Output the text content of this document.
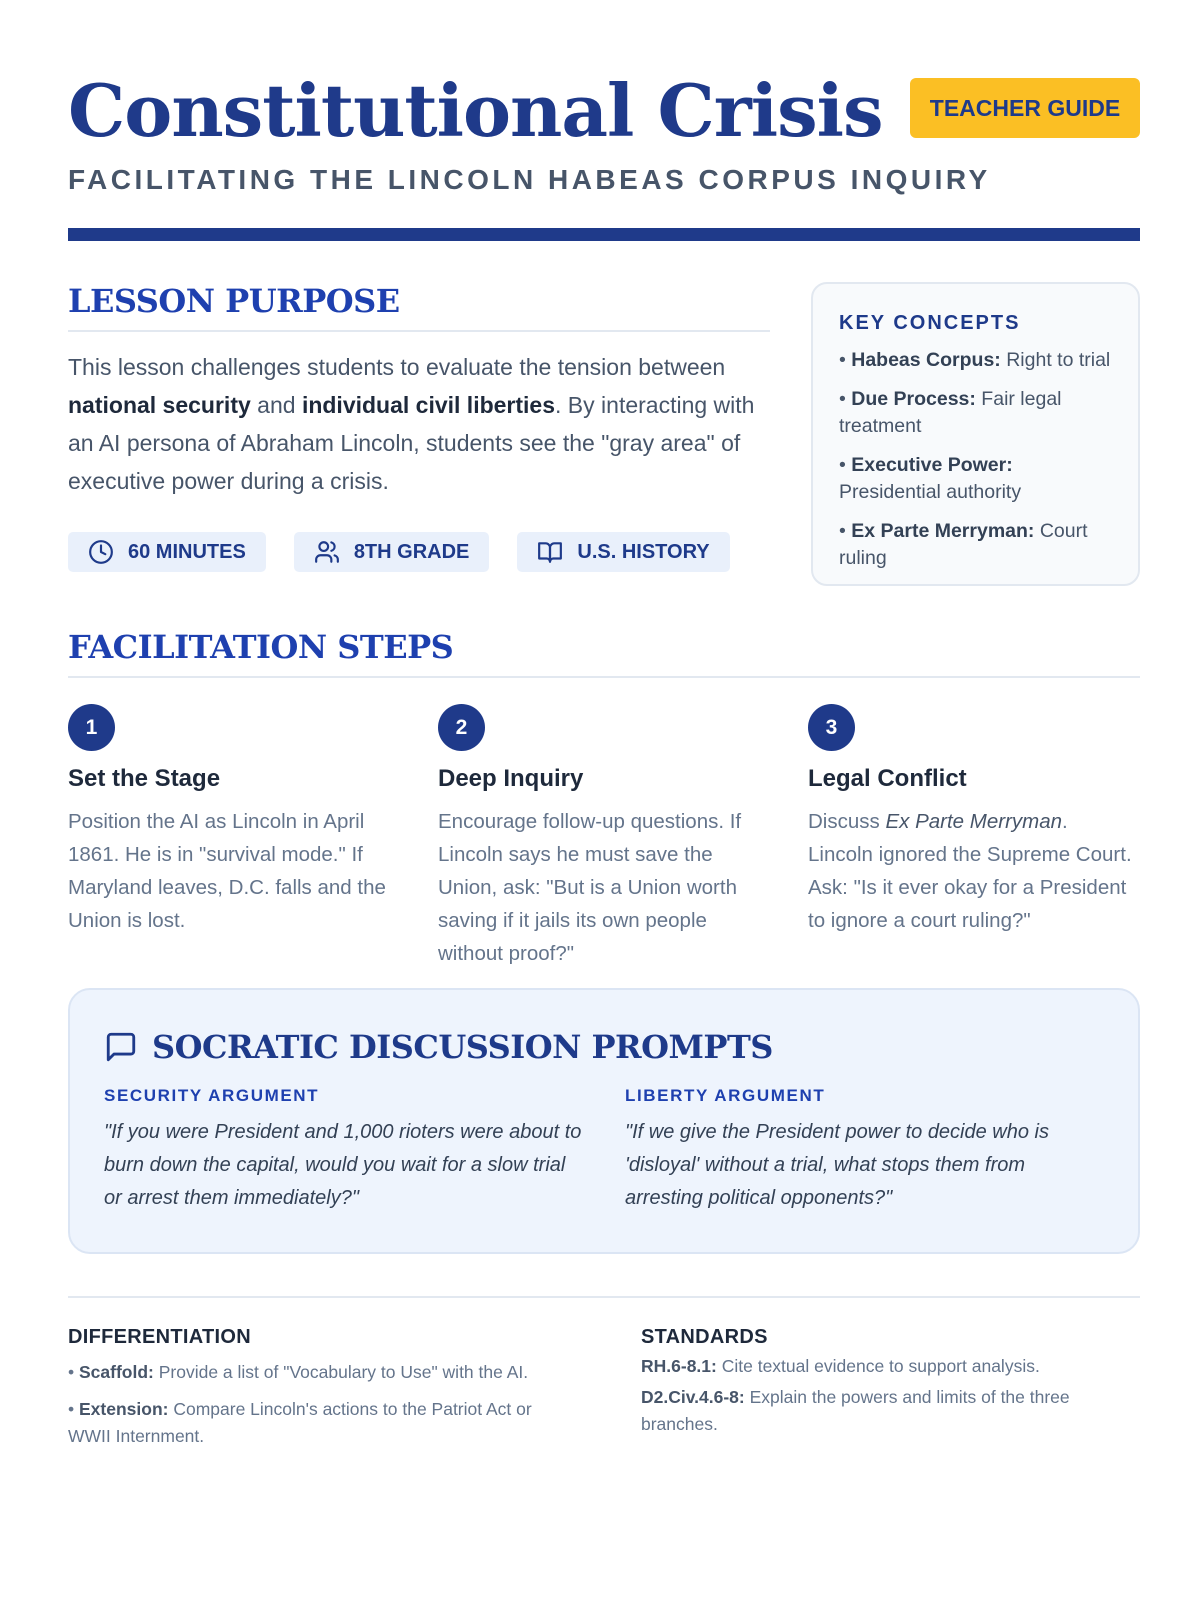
Constitutional Crisis
FACILITATING THE LINCOLN HABEAS CORPUS INQUIRY
TEACHER GUIDE
LESSON PURPOSE

This lesson challenges students to evaluate the tension between national security and individual civil liberties. By interacting with an AI persona of Abraham Lincoln, students see the "gray area" of executive power during a crisis.

60 MINUTES	8TH GRADE	U.S. HISTORY
KEY CONCEPTS
• Habeas Corpus: Right to trial
• Due Process: Fair legal treatment
• Executive Power: Presidential authority
• Ex Parte Merryman: Court ruling
FACILITATION STEPS
1
Set the Stage

Position the AI as Lincoln in April 1861. He is in "survival mode." If Maryland leaves, D.C. falls and the Union is lost.

2
Deep Inquiry

Encourage follow-up questions. If Lincoln says he must save the Union, ask: "But is a Union worth saving if it jails its own people without proof?"

3
Legal Conflict

Discuss Ex Parte Merryman. Lincoln ignored the Supreme Court. Ask: "Is it ever okay for a President to ignore a court ruling?"

SOCRATIC DISCUSSION PROMPTS
SECURITY ARGUMENT

"If you were President and 1,000 rioters were about to burn down the capital, would you wait for a slow trial or arrest them immediately?"

LIBERTY ARGUMENT

"If we give the President power to decide who is 'disloyal' without a trial, what stops them from arresting political opponents?"

DIFFERENTIATION
• Scaffold: Provide a list of "Vocabulary to Use" with the AI.
• Extension: Compare Lincoln's actions to the Patriot Act or WWII Internment.
STANDARDS
RH.6-8.1: Cite textual evidence to support analysis.
D2.Civ.4.6-8: Explain the powers and limits of the three branches.
